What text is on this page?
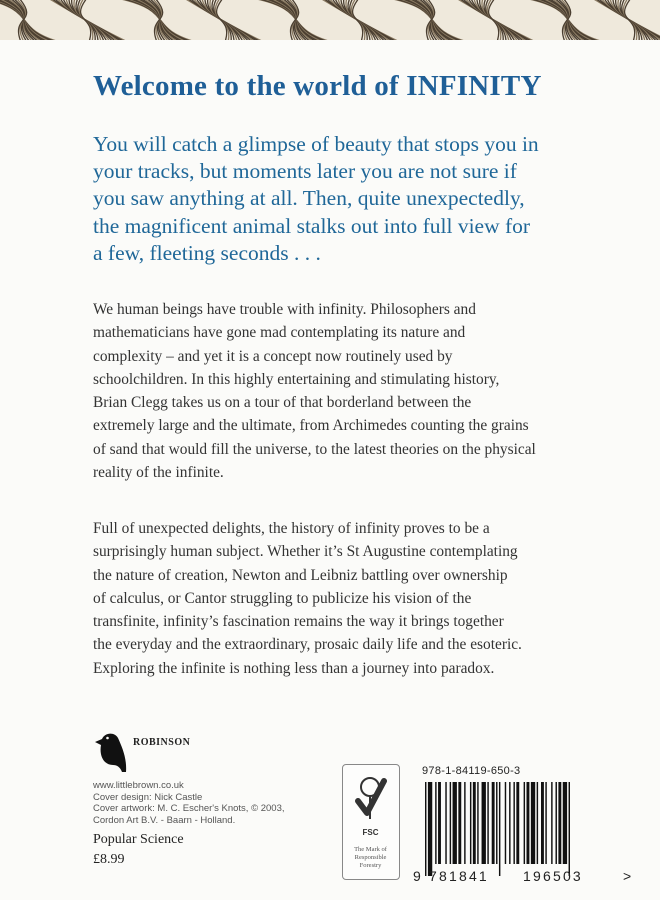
Welcome to the world of INFINITY

You will catch a glimpse of beauty that stops you in
your tracks, but moments later you are not sure if
you saw anything at all. Then, quite unexpectedly,
the magnificent animal stalks out into full view for
a few, fleeting seconds . . .

We human beings have trouble with infinity. Philosophers and
mathematicians have gone mad contemplating its nature and
complexity – and yet it is a concept now routinely used by
schoolchildren. In this highly entertaining and stimulating history,
Brian Clegg takes us on a tour of that borderland between the
extremely large and the ultimate, from Archimedes counting the grains
of sand that would fill the universe, to the latest theories on the physical
reality of the infinite.

Full of unexpected delights, the history of infinity proves to be a
surprisingly human subject. Whether it’s St Augustine contemplating
the nature of creation, Newton and Leibniz battling over ownership
of calculus, or Cantor struggling to publicize his vision of the
transfinite, infinity’s fascination remains the way it brings together
the everyday and the extraordinary, prosaic daily life and the esoteric.
Exploring the infinite is nothing less than a journey into paradox.

ROBINSON
www.littlebrown.co.uk
Cover design: Nick Castle
Cover artwork: M. C. Escher's Knots, © 2003,
Cordon Art B.V. - Baarn - Holland.
Popular Science
£8.99
FSC
The Mark of
Responsible
Forestry
978-1-84119-650-3
9 781841 196503	>
